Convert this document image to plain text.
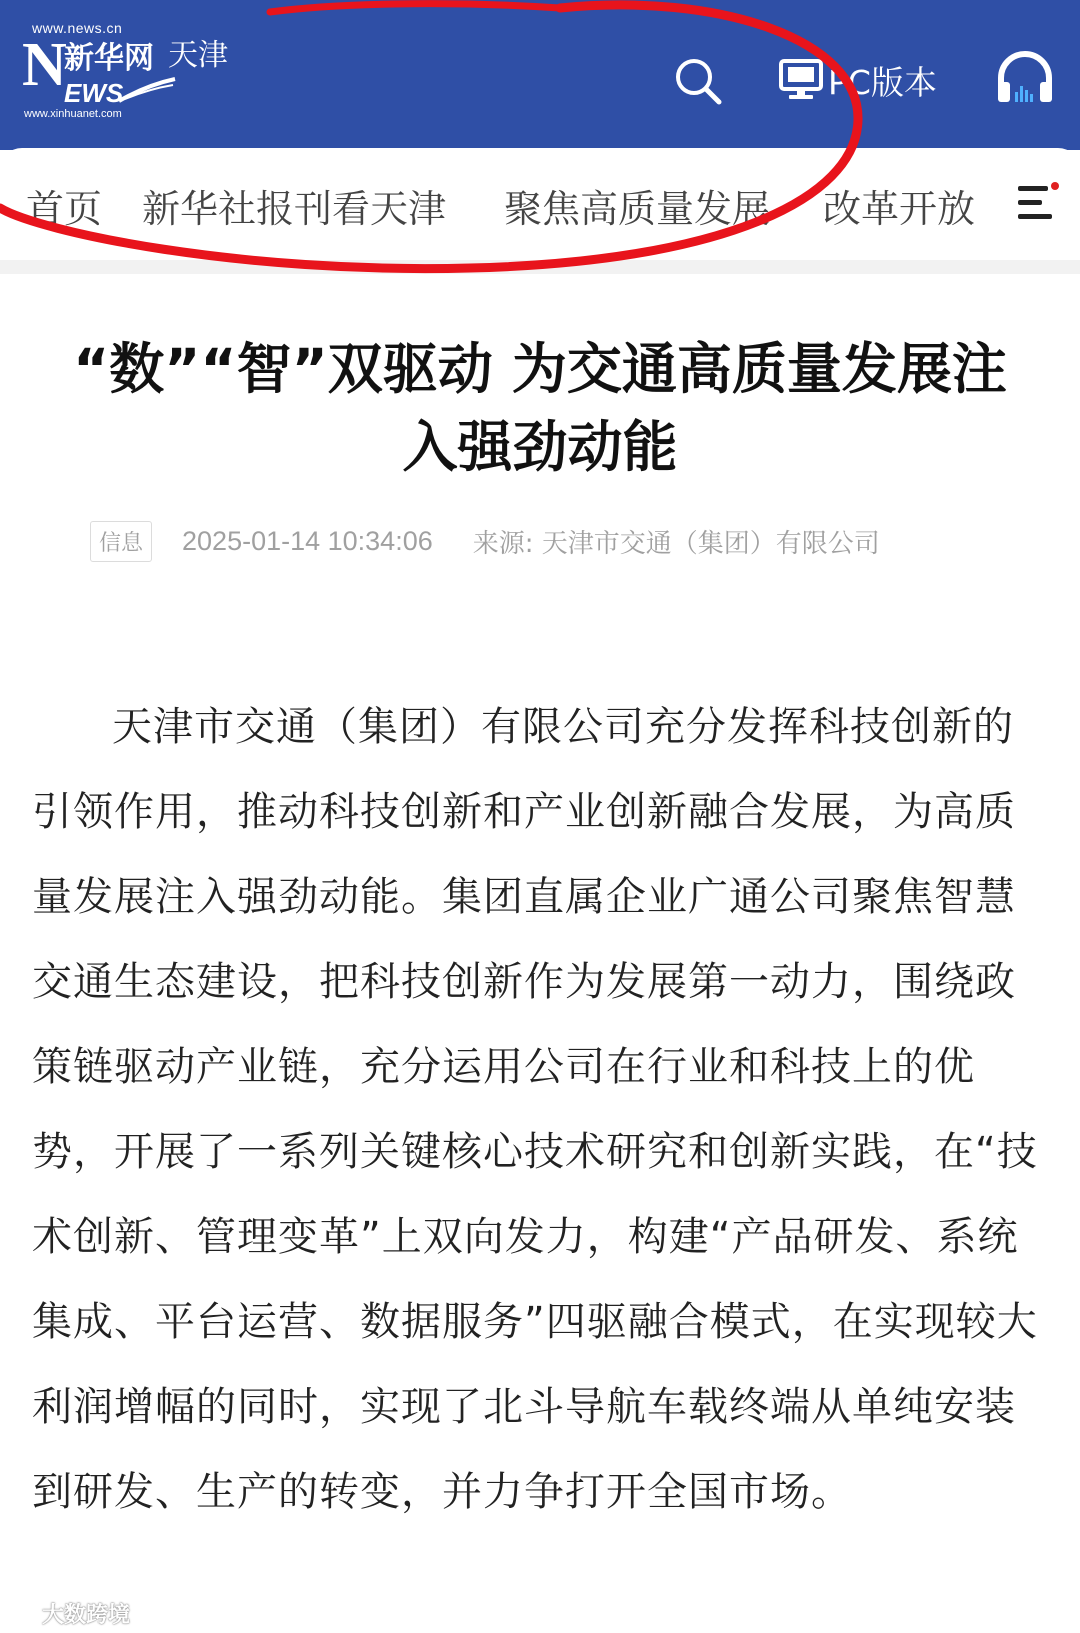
www.news.cn
N
新华网
EWS
www.xinhuanet.com
天津
PC版本
首页 新华社报刊看天津 聚焦高质量发展 改革开放
“数”“智”双驱动 为交通高质量发展注
入强劲动能
信息	2025-01-14 10:34:06 来源: 天津市交通（集团）有限公司

天津市交通（集团）有限公司充分发挥科技创新的引领作用，推动科技创新和产业创新融合发展，为高质量发展注入强劲动能。集团直属企业广通公司聚焦智慧交通生态建设，把科技创新作为发展第一动力，围绕政策链驱动产业链，充分运用公司在行业和科技上的优势，开展了一系列关键核心技术研究和创新实践，在“技术创新、管理变革”上双向发力，构建“产品研发、系统集成、平台运营、数据服务”四驱融合模式，在实现较大利润增幅的同时，实现了北斗导航车载终端从单纯安装到研发、生产的转变，并力争打开全国市场。

大数跨境
